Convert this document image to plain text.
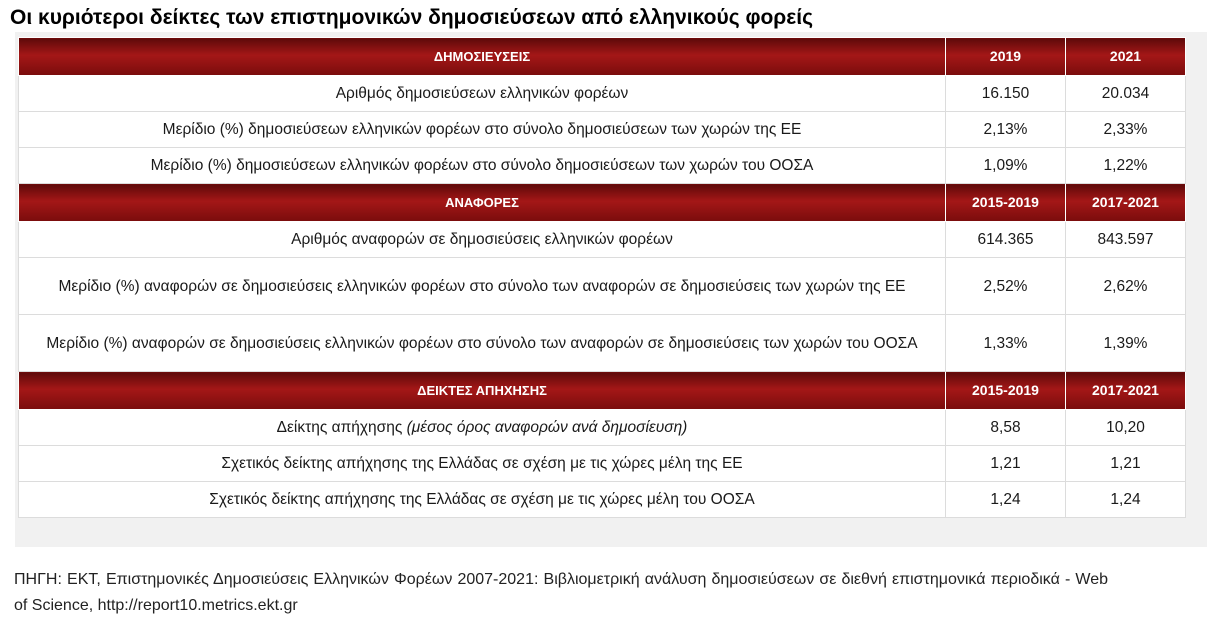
Οι κυριότεροι δείκτες των επιστημονικών δημοσιεύσεων από ελληνικούς φορείς
ΔΗΜΟΣΙΕΥΣΕΙΣ	2019	2021
Αριθμός δημοσιεύσεων ελληνικών φορέων	16.150	20.034
Μερίδιο (%) δημοσιεύσεων ελληνικών φορέων στο σύνολο δημοσιεύσεων των χωρών της ΕΕ	2,13%	2,33%
Μερίδιο (%) δημοσιεύσεων ελληνικών φορέων στο σύνολο δημοσιεύσεων των χωρών του ΟΟΣΑ	1,09%	1,22%
ΑΝΑΦΟΡΕΣ	2015-2019	2017-2021
Αριθμός αναφορών σε δημοσιεύσεις ελληνικών φορέων	614.365	843.597
Μερίδιο (%) αναφορών σε δημοσιεύσεις ελληνικών φορέων στο σύνολο των αναφορών σε δημοσιεύσεις των χωρών της ΕΕ	2,52%	2,62%
Μερίδιο (%) αναφορών σε δημοσιεύσεις ελληνικών φορέων στο σύνολο των αναφορών σε δημοσιεύσεις των χωρών του ΟΟΣΑ	1,33%	1,39%
ΔΕΙΚΤΕΣ ΑΠΗΧΗΣΗΣ	2015-2019	2017-2021
Δείκτης απήχησης (μέσος όρος αναφορών ανά δημοσίευση)	8,58	10,20
Σχετικός δείκτης απήχησης της Ελλάδας σε σχέση με τις χώρες μέλη της ΕΕ	1,21	1,21
Σχετικός δείκτης απήχησης της Ελλάδας σε σχέση με τις χώρες μέλη του ΟΟΣΑ	1,24	1,24
ΠΗΓΗ: ΕΚΤ, Επιστημονικές Δημοσιεύσεις Ελληνικών Φορέων 2007-2021: Βιβλιομετρική ανάλυση δημοσιεύσεων σε διεθνή επιστημονικά περιοδικά - Web of Science, http://report10.metrics.ekt.gr
